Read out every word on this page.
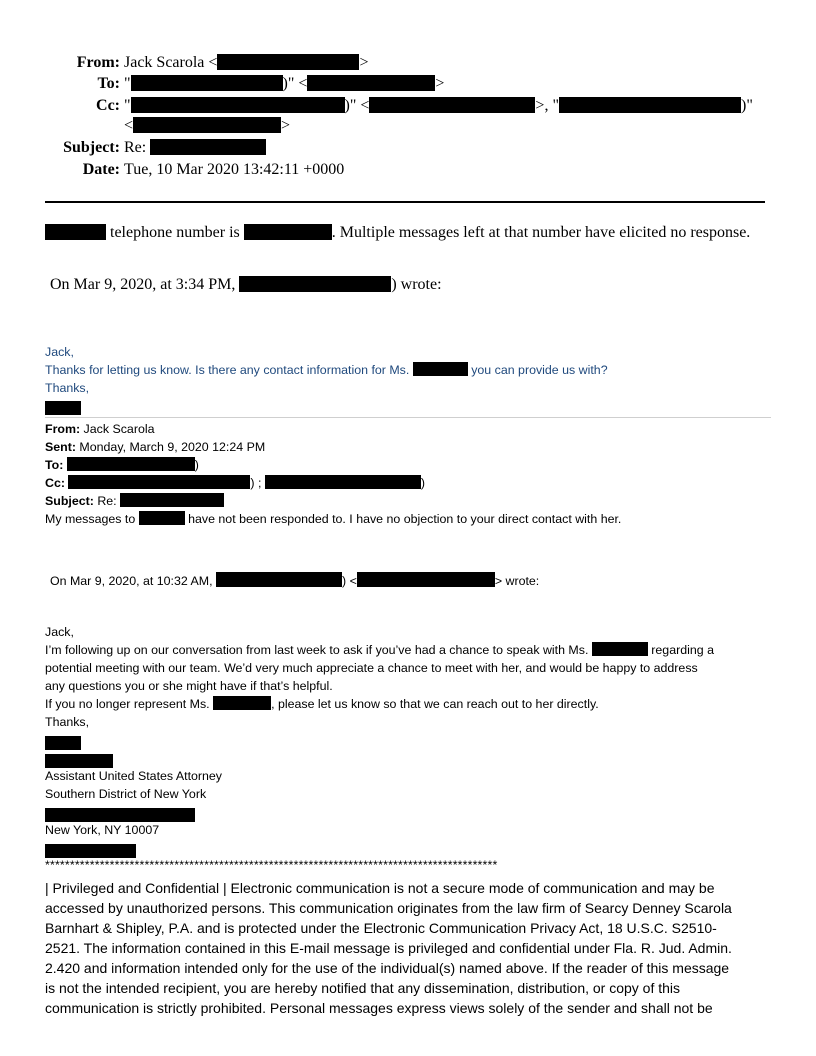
From: Jack Scarola <	>
To: "	)" <	>
Cc: "	)" <	>, "	)"
<	>
Subject: Re:
Date: Tue, 10 Mar 2020 13:42:11 +0000
telephone number is	. Multiple messages left at that number have elicited no response.
On Mar 9, 2020, at 3:34 PM,	) wrote:
Jack,
Thanks for letting us know. Is there any contact information for Ms.	you can provide us with?
Thanks,
From: Jack Scarola
Sent: Monday, March 9, 2020 12:24 PM
To:	)
Cc:	) ;	)
Subject: Re:
My messages to	have not been responded to. I have no objection to your direct contact with her.
On Mar 9, 2020, at 10:32 AM,	) <	> wrote:
Jack,
I’m following up on our conversation from last week to ask if you’ve had a chance to speak with Ms.	regarding a
potential meeting with our team. We’d very much appreciate a chance to meet with her, and would be happy to address
any questions you or she might have if that’s helpful.
If you no longer represent Ms.	, please let us know so that we can reach out to her directly.
Thanks,
Assistant United States Attorney
Southern District of New York
New York, NY 10007
*******************************************************************************************
| Privileged and Confidential | Electronic communication is not a secure mode of communication and may be
accessed by unauthorized persons. This communication originates from the law firm of Searcy Denney Scarola
Barnhart & Shipley, P.A. and is protected under the Electronic Communication Privacy Act, 18 U.S.C. S2510-
2521. The information contained in this E-mail message is privileged and confidential under Fla. R. Jud. Admin.
2.420 and information intended only for the use of the individual(s) named above. If the reader of this message
is not the intended recipient, you are hereby notified that any dissemination, distribution, or copy of this
communication is strictly prohibited. Personal messages express views solely of the sender and shall not be
